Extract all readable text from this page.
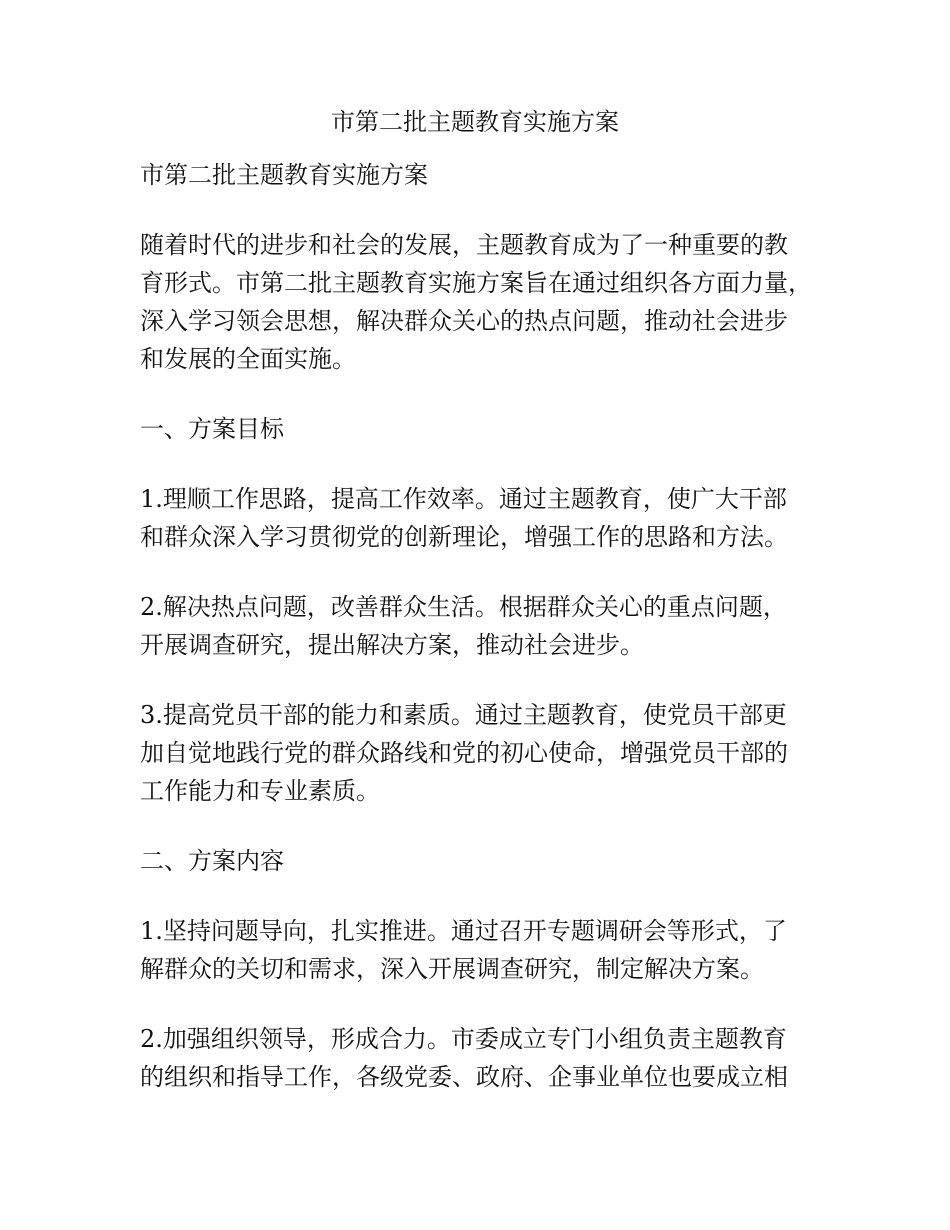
市第二批主题教育实施方案

市第二批主题教育实施方案

随着时代的进步和社会的发展，主题教育成为了一种重要的教
育形式。市第二批主题教育实施方案旨在通过组织各方面力量，
深入学习领会思想，解决群众关心的热点问题，推动社会进步
和发展的全面实施。

一、方案目标

1.理顺工作思路，提高工作效率。通过主题教育，使广大干部
和群众深入学习贯彻党的创新理论，增强工作的思路和方法。

2.解决热点问题，改善群众生活。根据群众关心的重点问题，
开展调查研究，提出解决方案，推动社会进步。

3.提高党员干部的能力和素质。通过主题教育，使党员干部更
加自觉地践行党的群众路线和党的初心使命，增强党员干部的
工作能力和专业素质。

二、方案内容

1.坚持问题导向，扎实推进。通过召开专题调研会等形式，了
解群众的关切和需求，深入开展调查研究，制定解决方案。

2.加强组织领导，形成合力。市委成立专门小组负责主题教育
的组织和指导工作，各级党委、政府、企事业单位也要成立相
